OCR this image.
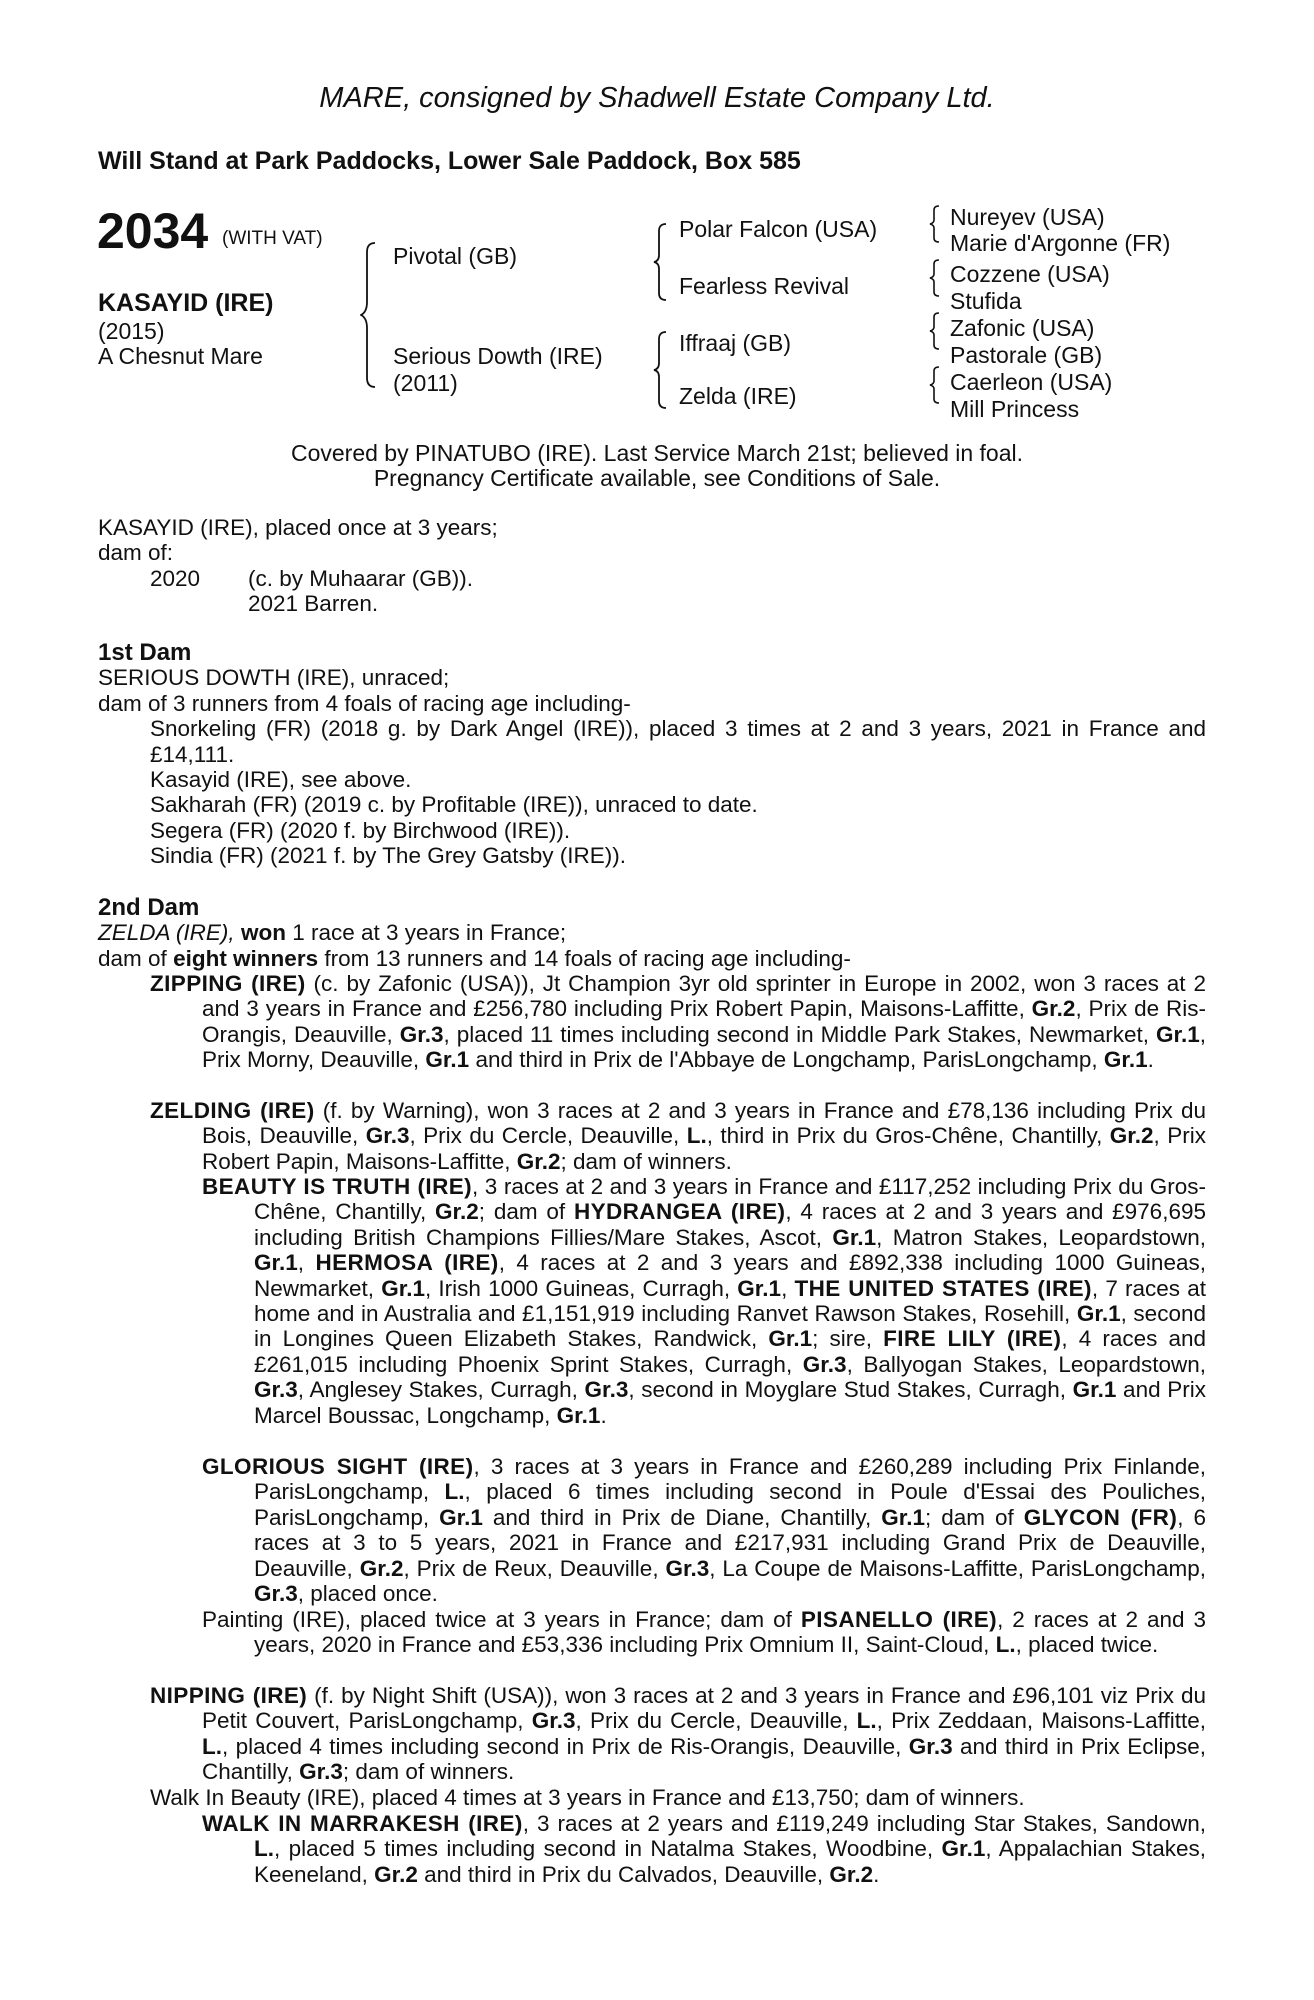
MARE, consigned by Shadwell Estate Company Ltd.
Will Stand at Park Paddocks, Lower Sale Paddock, Box 585
2034 (WITH VAT)
KASAYID (IRE)
(2015)
A Chesnut Mare
Pivotal (GB)
Serious Dowth (IRE)
(2011)
Polar Falcon (USA)
Fearless Revival
Iffraaj (GB)
Zelda (IRE)
Nureyev (USA)
Marie d'Argonne (FR)
Cozzene (USA)
Stufida
Zafonic (USA)
Pastorale (GB)
Caerleon (USA)
Mill Princess
Covered by PINATUBO (IRE). Last Service March 21st; believed in foal.
Pregnancy Certificate available, see Conditions of Sale.

KASAYID (IRE), placed once at 3 years;

dam of:

2020 (c. by Muhaarar (GB)).

2021 Barren.

1st Dam

SERIOUS DOWTH (IRE), unraced;

dam of 3 runners from 4 foals of racing age including-

Snorkeling (FR) (2018 g. by Dark Angel (IRE)), placed 3 times at 2 and 3 years, 2021 in France and £14,111.

Kasayid (IRE), see above.

Sakharah (FR) (2019 c. by Profitable (IRE)), unraced to date.

Segera (FR) (2020 f. by Birchwood (IRE)).

Sindia (FR) (2021 f. by The Grey Gatsby (IRE)).

2nd Dam

ZELDA (IRE), won 1 race at 3 years in France;

dam of eight winners from 13 runners and 14 foals of racing age including-

ZIPPING (IRE) (c. by Zafonic (USA)), Jt Champion 3yr old sprinter in Europe in 2002, won 3 races at 2 and 3 years in France and £256,780 including Prix Robert Papin, Maisons-Laffitte, Gr.2, Prix de Ris-Orangis, Deauville, Gr.3, placed 11 times including second in Middle Park Stakes, Newmarket, Gr.1, Prix Morny, Deauville, Gr.1 and third in Prix de l'Abbaye de Longchamp, ParisLongchamp, Gr.1.
ZELDING (IRE) (f. by Warning), won 3 races at 2 and 3 years in France and £78,136 including Prix du Bois, Deauville, Gr.3, Prix du Cercle, Deauville, L., third in Prix du Gros-Chêne, Chantilly, Gr.2, Prix Robert Papin, Maisons-Laffitte, Gr.2; dam of winners.
BEAUTY IS TRUTH (IRE), 3 races at 2 and 3 years in France and £117,252 including Prix du Gros-Chêne, Chantilly, Gr.2; dam of HYDRANGEA (IRE), 4 races at 2 and 3 years and £976,695 including British Champions Fillies/Mare Stakes, Ascot, Gr.1, Matron Stakes, Leopardstown, Gr.1, HERMOSA (IRE), 4 races at 2 and 3 years and £892,338 including 1000 Guineas, Newmarket, Gr.1, Irish 1000 Guineas, Curragh, Gr.1, THE UNITED STATES (IRE), 7 races at home and in Australia and £1,151,919 including Ranvet Rawson Stakes, Rosehill, Gr.1, second in Longines Queen Elizabeth Stakes, Randwick, Gr.1; sire, FIRE LILY (IRE), 4 races and £261,015 including Phoenix Sprint Stakes, Curragh, Gr.3, Ballyogan Stakes, Leopardstown, Gr.3, Anglesey Stakes, Curragh, Gr.3, second in Moyglare Stud Stakes, Curragh, Gr.1 and Prix Marcel Boussac, Longchamp, Gr.1.
GLORIOUS SIGHT (IRE), 3 races at 3 years in France and £260,289 including Prix Finlande, ParisLongchamp, L., placed 6 times including second in Poule d'Essai des Pouliches, ParisLongchamp, Gr.1 and third in Prix de Diane, Chantilly, Gr.1; dam of GLYCON (FR), 6 races at 3 to 5 years, 2021 in France and £217,931 including Grand Prix de Deauville, Deauville, Gr.2, Prix de Reux, Deauville, Gr.3, La Coupe de Maisons-Laffitte, ParisLongchamp, Gr.3, placed once.
Painting (IRE), placed twice at 3 years in France; dam of PISANELLO (IRE), 2 races at 2 and 3 years, 2020 in France and £53,336 including Prix Omnium II, Saint-Cloud, L., placed twice.
NIPPING (IRE) (f. by Night Shift (USA)), won 3 races at 2 and 3 years in France and £96,101 viz Prix du Petit Couvert, ParisLongchamp, Gr.3, Prix du Cercle, Deauville, L., Prix Zeddaan, Maisons-Laffitte, L., placed 4 times including second in Prix de Ris-Orangis, Deauville, Gr.3 and third in Prix Eclipse, Chantilly, Gr.3; dam of winners.
Walk In Beauty (IRE), placed 4 times at 3 years in France and £13,750; dam of winners.
WALK IN MARRAKESH (IRE), 3 races at 2 years and £119,249 including Star Stakes, Sandown, L., placed 5 times including second in Natalma Stakes, Woodbine, Gr.1, Appalachian Stakes, Keeneland, Gr.2 and third in Prix du Calvados, Deauville, Gr.2.
